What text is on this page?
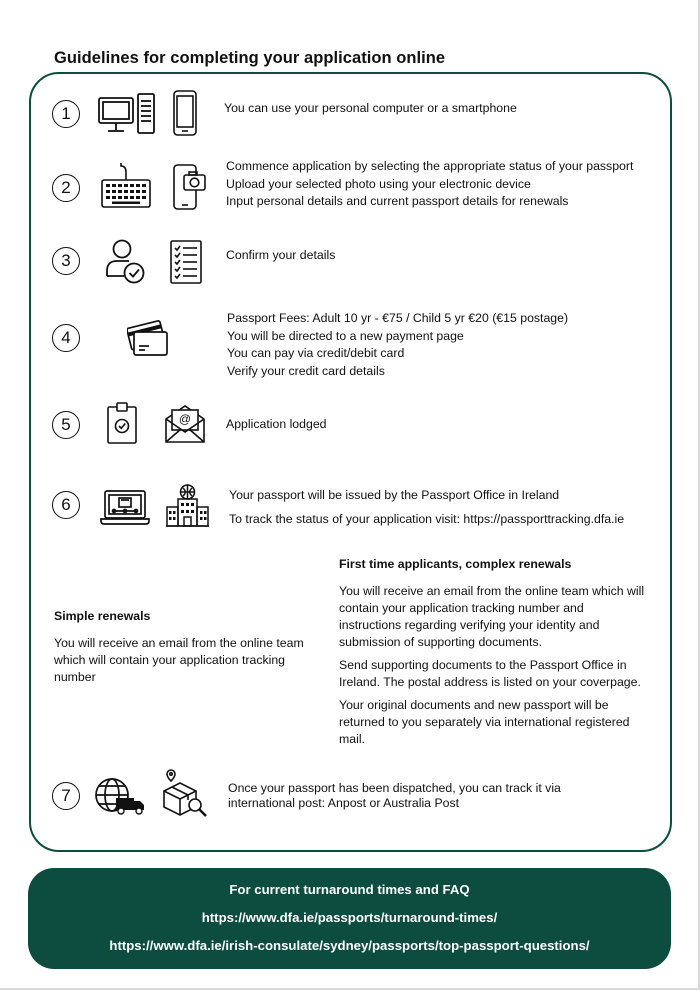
Guidelines for completing your application online
1	You can use your personal computer or a smartphone
2
Commence application by selecting the appropriate status of your passport
Upload your selected photo using your electronic device
Input personal details and current passport details for renewals
3	Confirm your details
4
Passport Fees: Adult 10 yr - €75 / Child 5 yr €20 (€15 postage)
You will be directed to a new payment page
You can pay via credit/debit card
Verify your credit card details
5	@	Application lodged
6	Your passport will be issued by the Passport Office in Ireland
To track the status of your application visit: https://passporttracking.dfa.ie
First time applicants, complex renewals

You will receive an email from the online team which will
contain your application tracking number and
instructions regarding verifying your identity and
submission of supporting documents.

Send supporting documents to the Passport Office in
Ireland. The postal address is listed on your coverpage.

Your original documents and new passport will be
returned to you separately via international registered
mail.

Simple renewals

You will receive an email from the online team
which will contain your application tracking
number

7	Once your passport has been dispatched, you can track it via
international post: Anpost or Australia Post
For current turnaround times and FAQ
https://www.dfa.ie/passports/turnaround-times/
https://www.dfa.ie/irish-consulate/sydney/passports/top-passport-questions/
